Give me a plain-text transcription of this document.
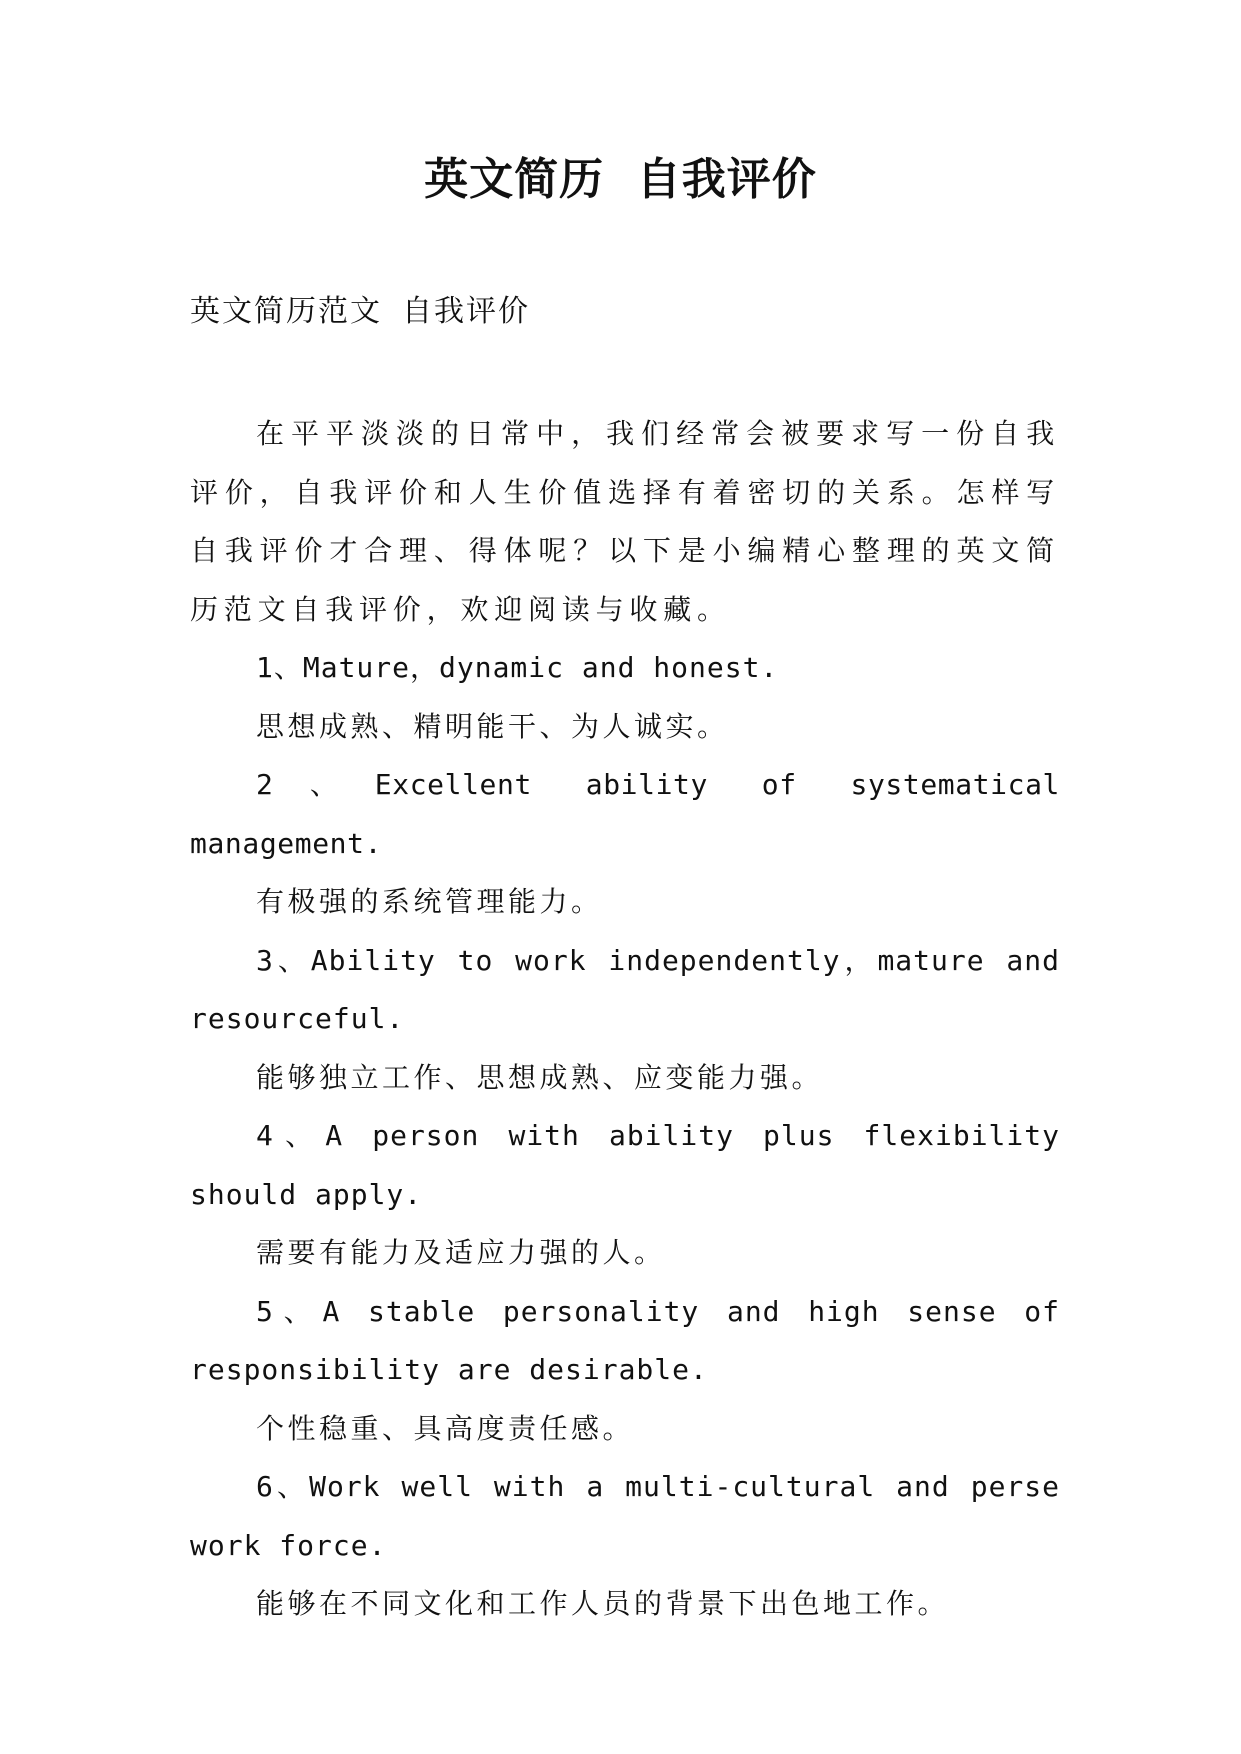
英文简历  自我评价
英文简历范文 自我评价

在平平淡淡的日常中，我们经常会被要求写一份自我评价，自我评价和人生价值选择有着密切的关系。怎样写自我评价才合理、得体呢？以下是小编精心整理的英文简历范文自我评价，欢迎阅读与收藏。

1、Mature，dynamic and honest.

思想成熟、精明能干、为人诚实。

2、Excellent ability of systematical management.

有极强的系统管理能力。

3、Ability to work independently，mature and resourceful.

能够独立工作、思想成熟、应变能力强。

4、A person with ability plus flexibility should apply.

需要有能力及适应力强的人。

5、A stable personality and high sense of responsibility are desirable.

个性稳重、具高度责任感。

6、Work well with a multi-cultural and perse work force.

能够在不同文化和工作人员的背景下出色地工作。
